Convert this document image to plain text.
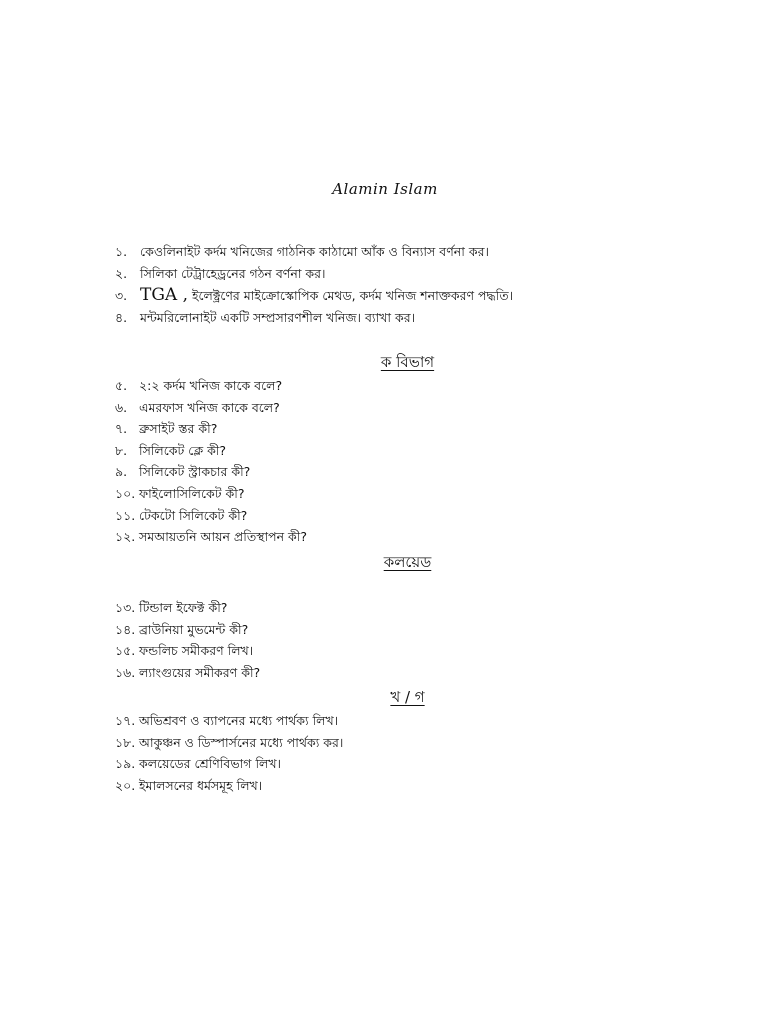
Alamin Islam
১. কেওলিনাইট কর্দম খনিজের গাঠনিক কাঠামো আঁক ও বিন্যাস বর্ণনা কর।
২. সিলিকা টেট্রাহেড্রনের গঠন বর্ণনা কর।
৩. TGA , ইলেক্ট্রণের মাইক্রোস্কোপিক মেথড, কর্দম খনিজ শনাক্তকরণ পদ্ধতি।
৪. মন্টমরিলোনাইট একটি সম্প্রসারণশীল খনিজ। ব্যাখা কর।
ক বিভাগ
৫. ২:২ কর্দম খনিজ কাকে বলে?
৬. এমরফাস খনিজ কাকে বলে?
৭. ব্রুসাইট স্তর কী?
৮. সিলিকেট ক্লে কী?
৯. সিলিকেট স্ট্রাকচার কী?
১০. ফাইলোসিলিকেট কী?
১১. টেকটো সিলিকেট কী?
১২. সমআয়তনি আয়ন প্রতিস্থাপন কী?
কলয়েড
১৩. টিন্ডাল ইফেক্ট কী?
১৪. ব্রাউনিয়া মুভমেন্ট কী?
১৫. ফন্ডলিচ সমীকরণ লিখ।
১৬. ল্যাংগুয়ের সমীকরণ কী?
খ / গ
১৭. অভিশ্রবণ ও ব্যাপনের মধ্যে পার্থক্য লিখ।
১৮. আকুঞ্চন ও ডিস্পার্সনের মধ্যে পার্থক্য কর।
১৯. কলয়েডের শ্রেণিবিভাগ লিখ।
২০. ইমালসনের ধর্মসমূহ লিখ।
